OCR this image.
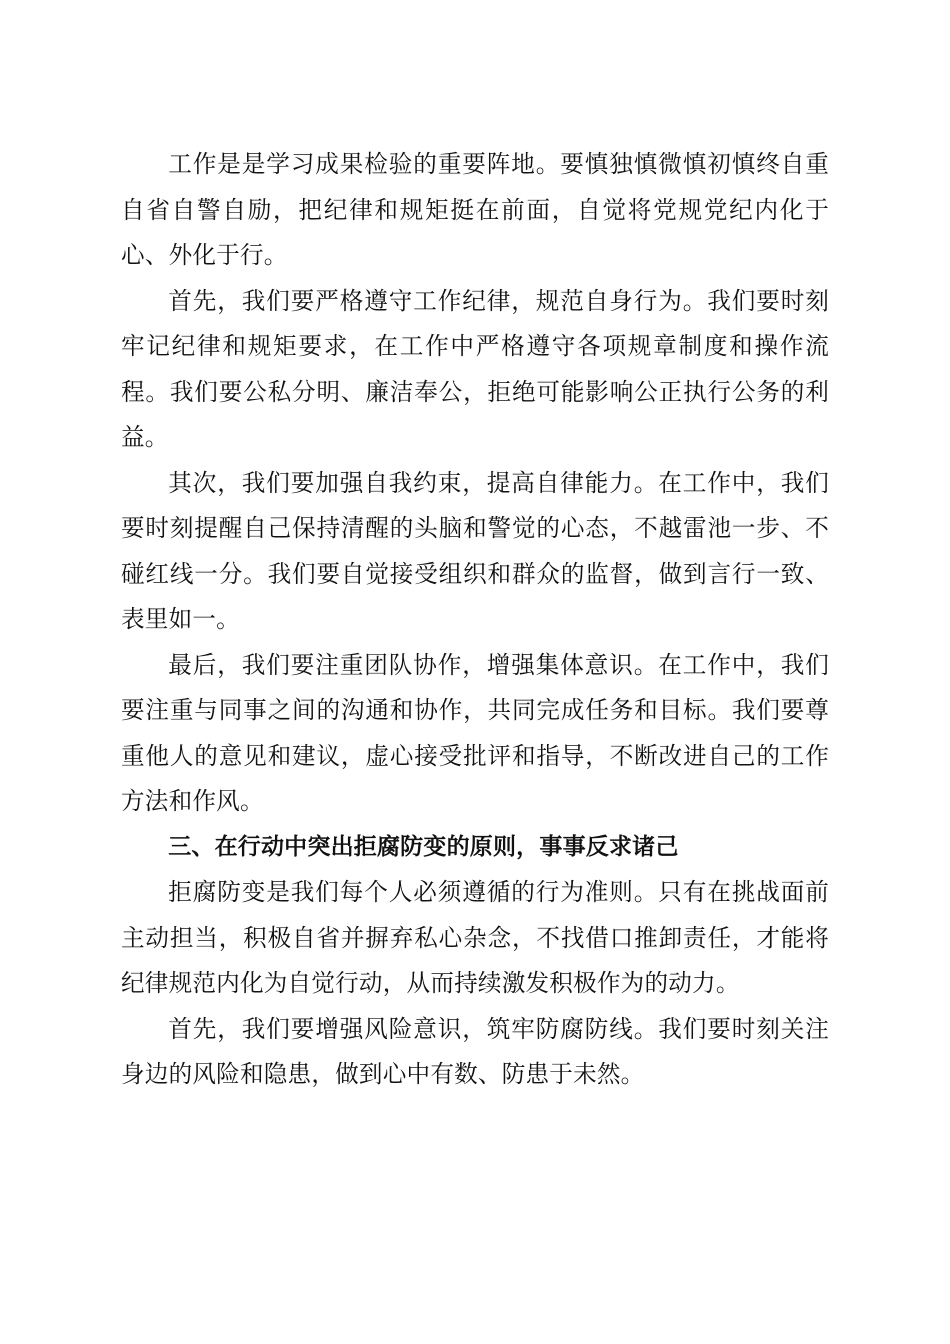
工作是是学习成果检验的重要阵地。要慎独慎微慎初慎终自重自省自警自励，把纪律和规矩挺在前面，自觉将党规党纪内化于心、外化于行。

首先，我们要严格遵守工作纪律，规范自身行为。我们要时刻牢记纪律和规矩要求，在工作中严格遵守各项规章制度和操作流程。我们要公私分明、廉洁奉公，拒绝可能影响公正执行公务的利益。

其次，我们要加强自我约束，提高自律能力。在工作中，我们要时刻提醒自己保持清醒的头脑和警觉的心态，不越雷池一步、不碰红线一分。我们要自觉接受组织和群众的监督，做到言行一致、表里如一。

最后，我们要注重团队协作，增强集体意识。在工作中，我们要注重与同事之间的沟通和协作，共同完成任务和目标。我们要尊重他人的意见和建议，虚心接受批评和指导，不断改进自己的工作方法和作风。

三、在行动中突出拒腐防变的原则，事事反求诸己

拒腐防变是我们每个人必须遵循的行为准则。只有在挑战面前主动担当，积极自省并摒弃私心杂念，不找借口推卸责任，才能将纪律规范内化为自觉行动，从而持续激发积极作为的动力。

首先，我们要增强风险意识，筑牢防腐防线。我们要时刻关注身边的风险和隐患，做到心中有数、防患于未然。
